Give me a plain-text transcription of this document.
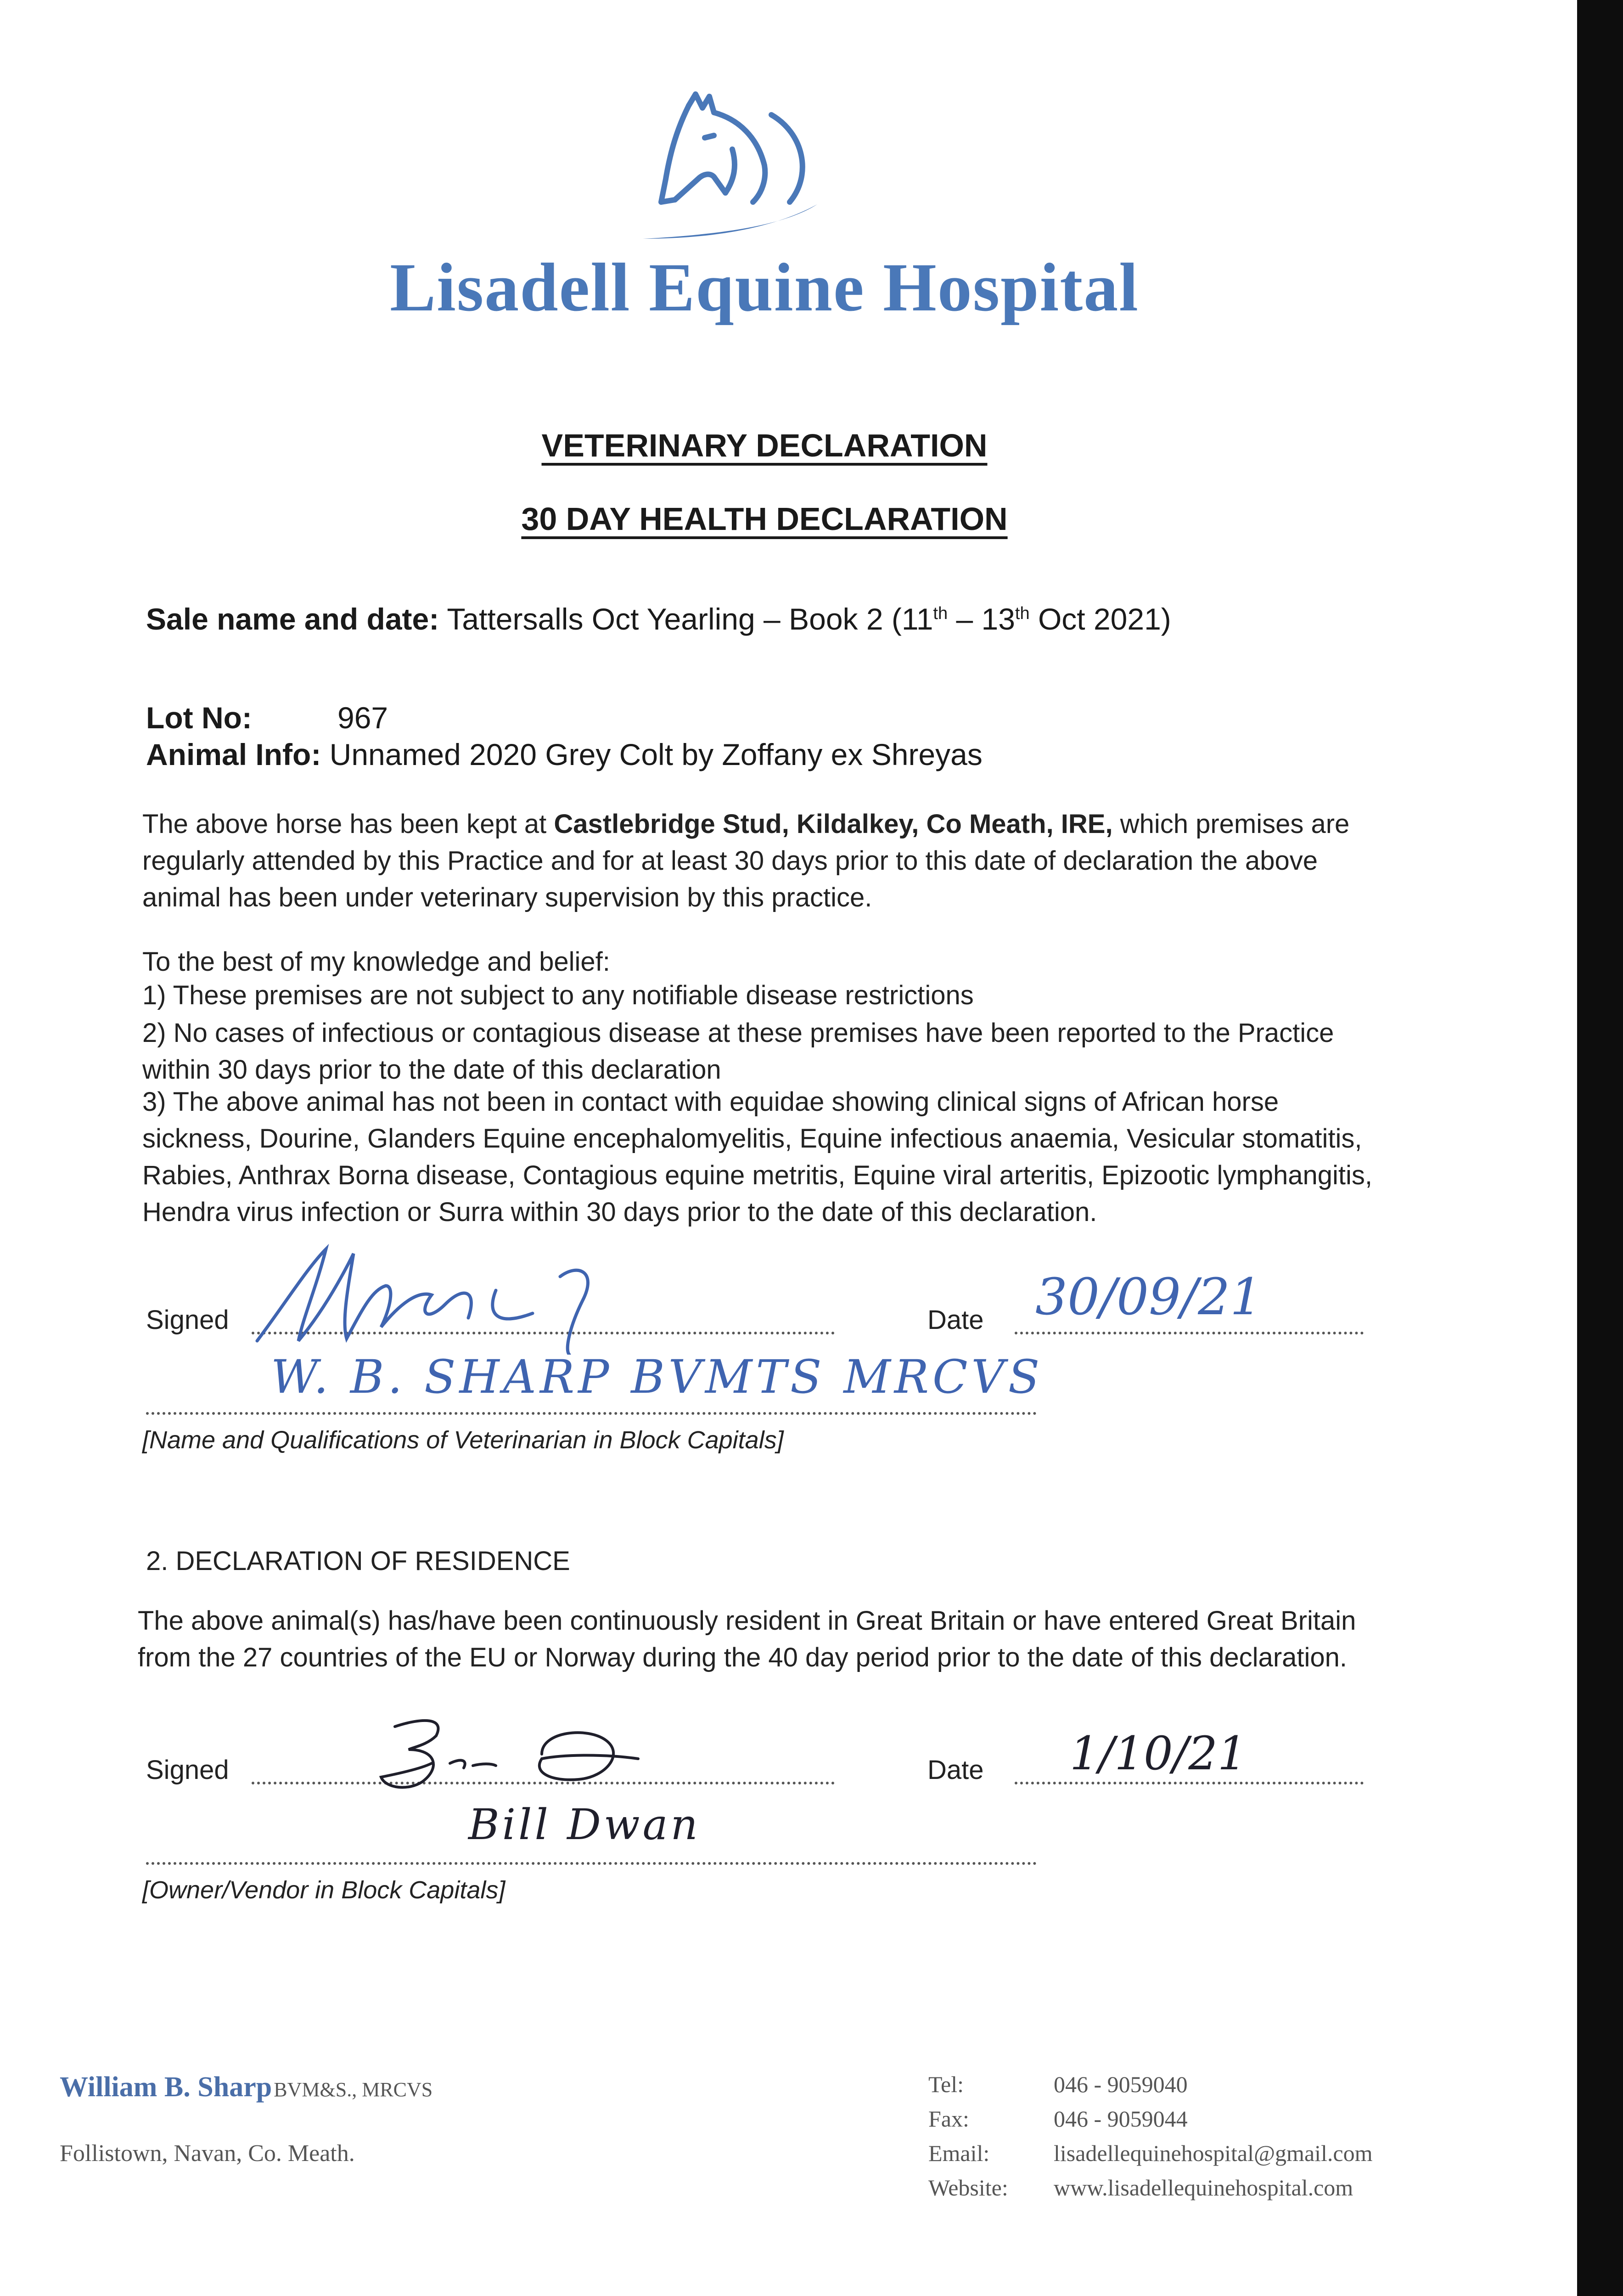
Lisadell Equine Hospital
VETERINARY DECLARATION
30 DAY HEALTH DECLARATION
Sale name and date: Tattersalls Oct Yearling – Book 2 (11th – 13th Oct 2021)
Lot No:	967
Animal Info: Unnamed 2020 Grey Colt by Zoffany ex Shreyas
The above horse has been kept at Castlebridge Stud, Kildalkey, Co Meath, IRE, which premises are regularly attended by this Practice and for at least 30 days prior to this date of declaration the above animal has been under veterinary supervision by this practice.
To the best of my knowledge and belief:
1) These premises are not subject to any notifiable disease restrictions
2) No cases of infectious or contagious disease at these premises have been reported to the Practice within 30 days prior to the date of this declaration
3) The above animal has not been in contact with equidae showing clinical signs of African horse sickness, Dourine, Glanders Equine encephalomyelitis, Equine infectious anaemia, Vesicular stomatitis, Rabies, Anthrax Borna disease, Contagious equine metritis, Equine viral arteritis, Epizootic lymphangitis, Hendra virus infection or Surra within 30 days prior to the date of this declaration.
Signed	Date 30/09/21
W. B. SHARP BVMTS MRCVS
[Name and Qualifications of Veterinarian in Block Capitals]
2. DECLARATION OF RESIDENCE
The above animal(s) has/have been continuously resident in Great Britain or have entered Great Britain from the 27 countries of the EU or Norway during the 40 day period prior to the date of this declaration.
Signed	Date 1/10/21
Bill Dwan
[Owner/Vendor in Block Capitals]
William B. Sharp BVM&S., MRCVS
Follistown, Navan, Co. Meath.
Tel:	046 - 9059040
Fax:	046 - 9059044
Email:	lisadellequinehospital@gmail.com
Website: www.lisadellequinehospital.com
